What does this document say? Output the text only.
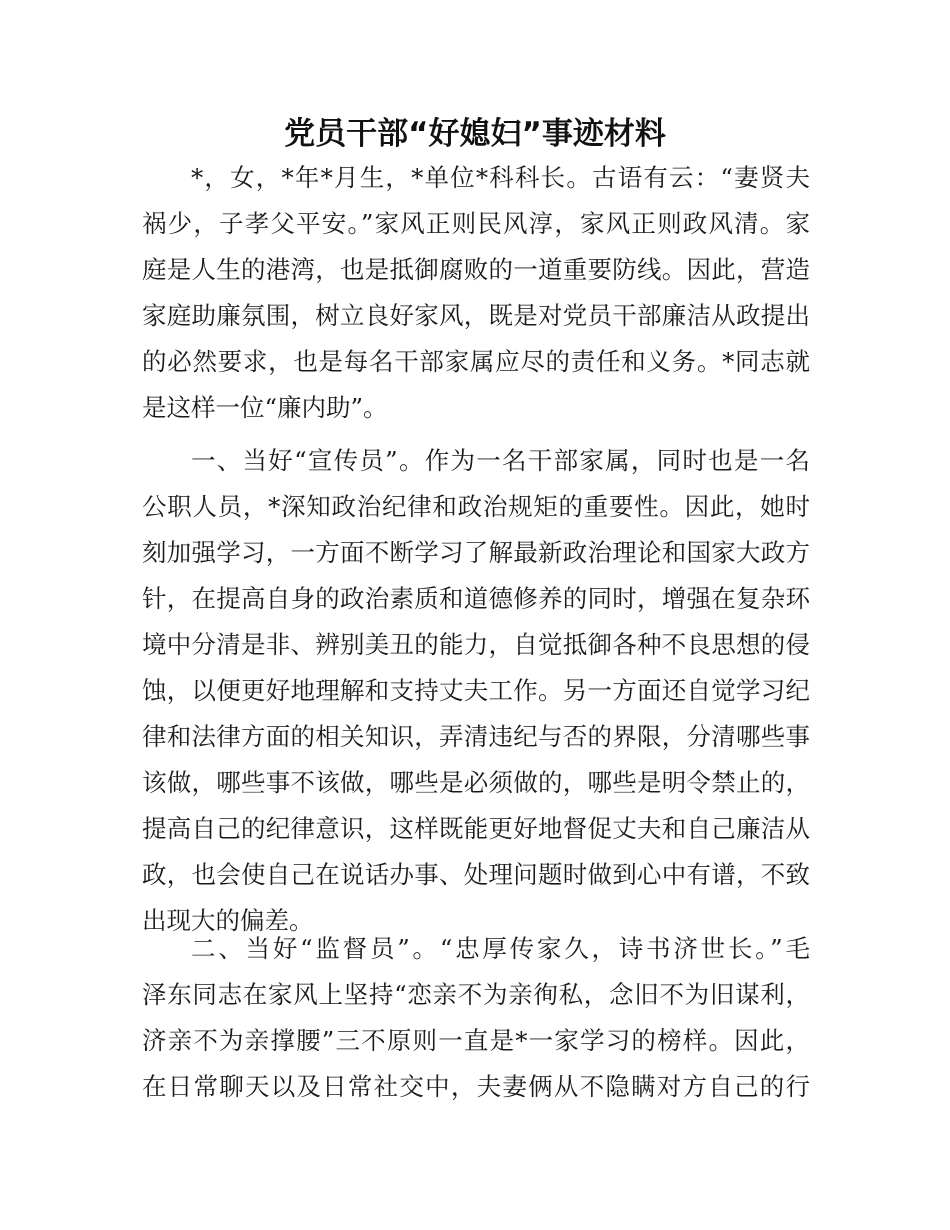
党员干部“好媳妇”事迹材料
*，女，*年*月生，*单位*科科长。古语有云：“妻贤夫
祸少，子孝父平安。”家风正则民风淳，家风正则政风清。家
庭是人生的港湾，也是抵御腐败的一道重要防线。因此，营造
家庭助廉氛围，树立良好家风，既是对党员干部廉洁从政提出
的必然要求，也是每名干部家属应尽的责任和义务。*同志就
是这样一位“廉内助”。
一、当好“宣传员”。作为一名干部家属，同时也是一名
公职人员，*深知政治纪律和政治规矩的重要性。因此，她时
刻加强学习，一方面不断学习了解最新政治理论和国家大政方
针，在提高自身的政治素质和道德修养的同时，增强在复杂环
境中分清是非、辨别美丑的能力，自觉抵御各种不良思想的侵
蚀，以便更好地理解和支持丈夫工作。另一方面还自觉学习纪
律和法律方面的相关知识，弄清违纪与否的界限，分清哪些事
该做，哪些事不该做，哪些是必须做的，哪些是明令禁止的，
提高自己的纪律意识，这样既能更好地督促丈夫和自己廉洁从
政，也会使自己在说话办事、处理问题时做到心中有谱，不致
出现大的偏差。
二、当好“监督员”。“忠厚传家久，诗书济世长。”毛
泽东同志在家风上坚持“恋亲不为亲徇私，念旧不为旧谋利，
济亲不为亲撑腰”三不原则一直是*一家学习的榜样。因此，
在日常聊天以及日常社交中，夫妻俩从不隐瞒对方自己的行
